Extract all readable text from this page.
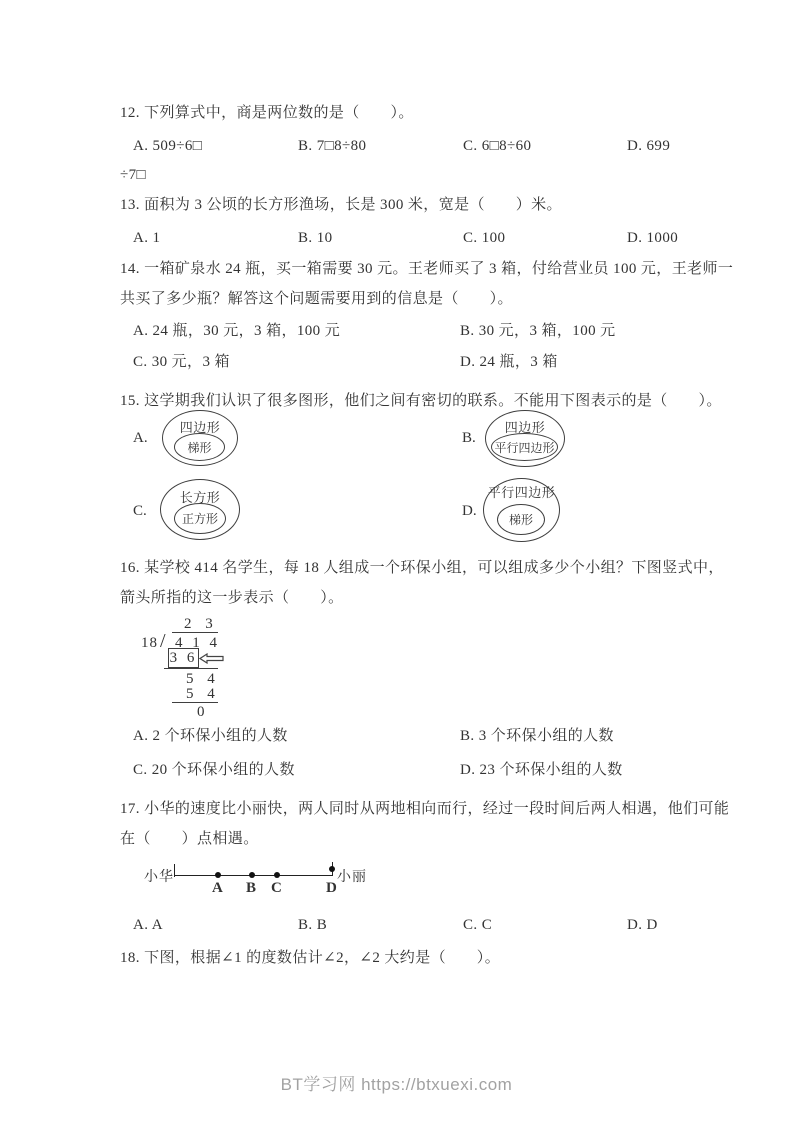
12. 下列算式中，商是两位数的是（　　）。
A. 509÷6□	B. 7□8÷80	C. 6□8÷60	D. 699
÷7□
13. 面积为 3 公顷的长方形渔场，长是 300 米，宽是（　　）米。
A. 1	B. 10	C. 100	D. 1000
14. 一箱矿泉水 24 瓶，买一箱需要 30 元。王老师买了 3 箱，付给营业员 100 元，王老师一
共买了多少瓶？解答这个问题需要用到的信息是（　　）。
A. 24 瓶，30 元，3 箱，100 元	B. 30 元，3 箱，100 元
C. 30 元，3 箱	D. 24 瓶，3 箱
15. 这学期我们认识了很多图形，他们之间有密切的联系。不能用下图表示的是（　　）。
A.
四边形
梯形
B.
四边形
平行四边形
C.
长方形
正方形	D.
平行四边形
梯形
16. 某学校 414 名学生，每 18 人组成一个环保小组，可以组成多少个小组？下图竖式中，
箭头所指的这一步表示（　　）。
2 3
18 / 4 1 4
3 6
5 4
5 4
0
A. 2 个环保小组的人数	B. 3 个环保小组的人数
C. 20 个环保小组的人数	D. 23 个环保小组的人数
17. 小华的速度比小丽快，两人同时从两地相向而行，经过一段时间后两人相遇，他们可能
在（　　）点相遇。
小华	小丽
A B C	D
A. A	B. B	C. C	D. D
18. 下图，根据∠1 的度数估计∠2，∠2 大约是（　　）。
BT学习网 https://btxuexi.com
